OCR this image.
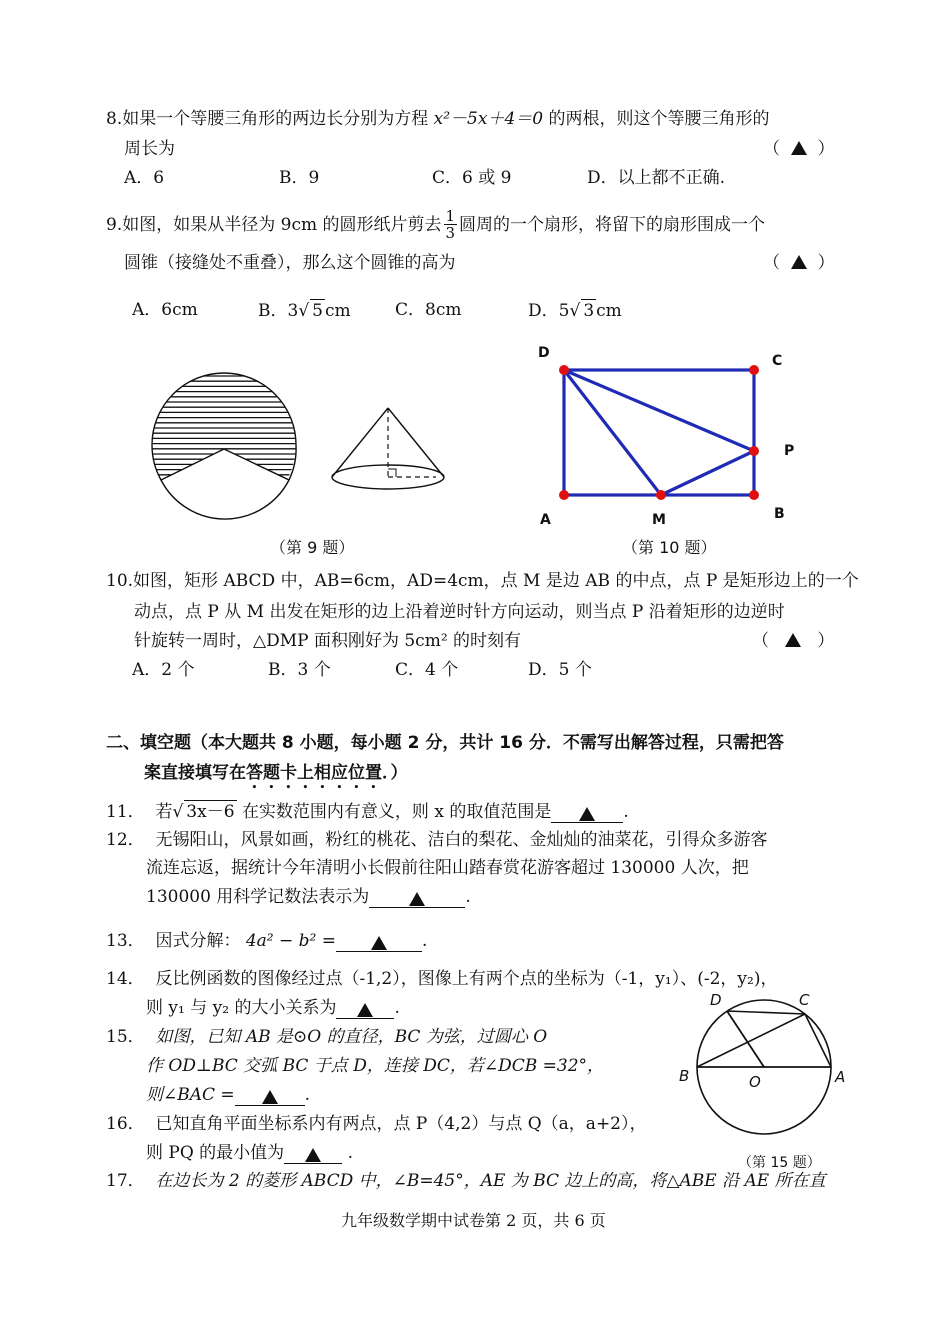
8.如果一个等腰三角形的两边长分别为方程 x²－5x＋4＝0 的两根，则这个等腰三角形的
周长为	（    ）
A．6	B．9	C．6 或 9	D．以上都不正确.
9.如图，如果从半径为 9cm 的圆形纸片剪去 $\frac{1}{3}$ 圆周的一个扇形，将留下的扇形围成一个
圆锥（接缝处不重叠），那么这个圆锥的高为	（    ）
A．6cm	B．3√ 5 cm	C．8cm	D．5√ 3 cm
（第 9 题）
D	C
P
A	M	B
（第 10 题）
10.如图，矩形 ABCD 中，AB=6cm，AD=4cm，点 M 是边 AB 的中点，点 P 是矩形边上的一个
动点，点 P 从 M 出发在矩形的边上沿着逆时针方向运动，则当点 P 沿着矩形的边逆时
针旋转一周时，△DMP 面积刚好为 5cm² 的时刻有	（      ）
A．2 个	B．3 个	C．4 个	D．5 个
二、填空题（本大题共 8 小题，每小题 2 分，共计 16 分．不需写出解答过程，只需把答
案直接填写在答题卡上相应位置．）
11． 若√ 3x－6 在实数范围内有意义，则 x 的取值范围是	.
12． 无锡阳山，风景如画，粉红的桃花、洁白的梨花、金灿灿的油菜花，引得众多游客
流连忘返，据统计今年清明小长假前往阳山踏春赏花游客超过 130000 人次，把
130000 用科学记数法表示为	.
13． 因式分解： 4a² − b² =	.
14． 反比例函数的图像经过点（-1,2），图像上有两个点的坐标为（-1，y₁）、(-2，y₂)，
则 y₁ 与 y₂ 的大小关系为	.
15． 如图，已知 AB 是⊙O 的直径，BC 为弦，过圆心 O
作 OD⊥BC 交弧 BC 于点 D，连接 DC，若∠DCB =32°，
则∠BAC =	.
D	C
B	O	A
（第 15 题）
16． 已知直角平面坐标系内有两点，点 P（4,2）与点 Q（a，a+2），
则 PQ 的最小值为	.
17． 在边长为 2 的菱形 ABCD 中，∠B=45°，AE 为 BC 边上的高，将△ABE 沿 AE 所在直
九年级数学期中试卷第 2 页，共 6 页
